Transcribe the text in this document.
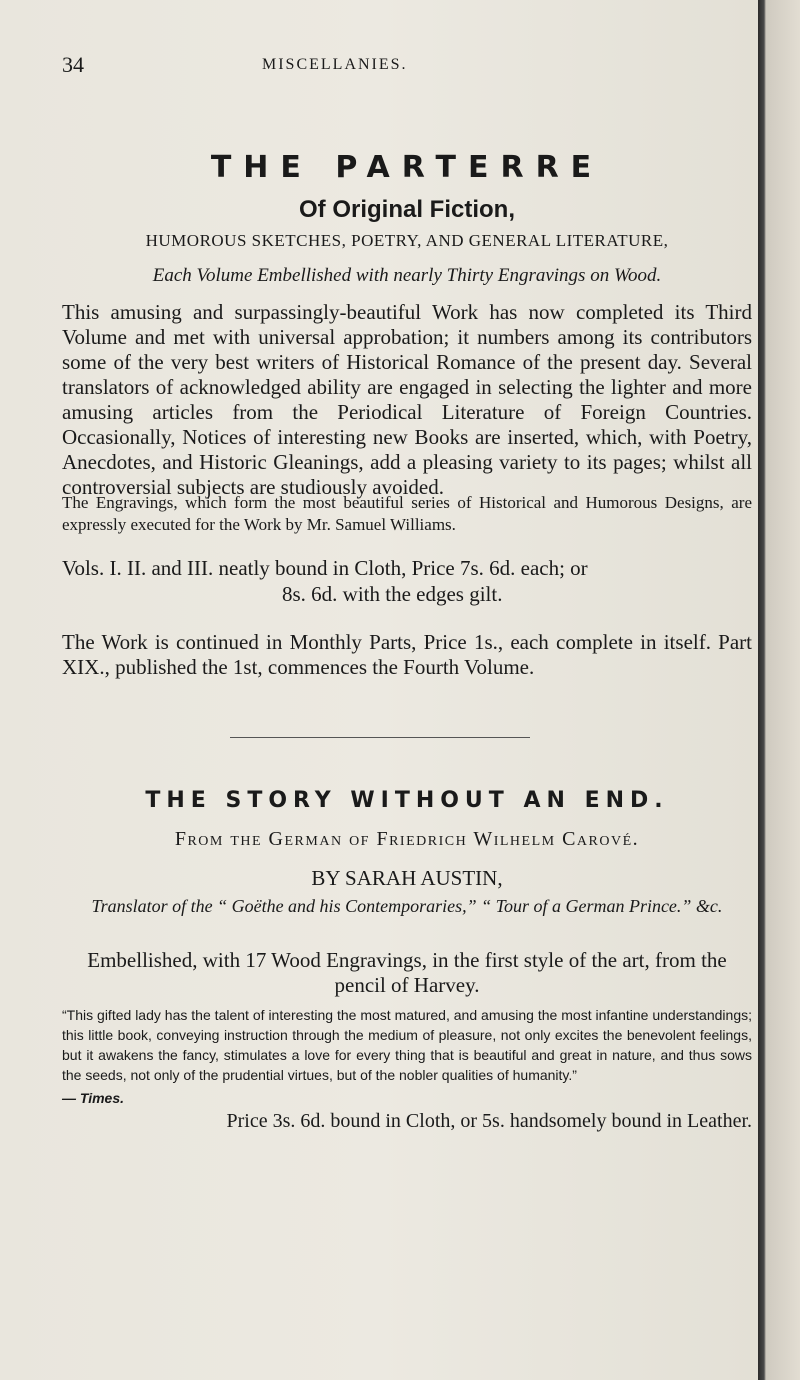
34	MISCELLANIES.
THE PARTERRE
Of Original Fiction,
HUMOROUS SKETCHES, POETRY, AND GENERAL LITERATURE,
Each Volume Embellished with nearly Thirty Engravings on Wood.
This amusing and surpassingly-beautiful Work has now completed its Third Volume and met with universal approbation; it numbers among its contributors some of the very best writers of Historical Romance of the present day. Several translators of acknowledged ability are engaged in selecting the lighter and more amusing articles from the Periodical Literature of Foreign Countries. Occasionally, Notices of interesting new Books are inserted, which, with Poetry, Anecdotes, and Historic Gleanings, add a pleasing variety to its pages; whilst all controversial subjects are studiously avoided.
The Engravings, which form the most beautiful series of Historical and Humorous Designs, are expressly executed for the Work by Mr. Samuel Williams.
Vols. I. II. and III. neatly bound in Cloth, Price 7s. 6d. each; or
8s. 6d. with the edges gilt.
The Work is continued in Monthly Parts, Price 1s., each complete in itself. Part XIX., published the 1st, commences the Fourth Volume.
THE STORY WITHOUT AN END.
From the German of Friedrich Wilhelm Carové.
BY SARAH AUSTIN,
Translator of the “ Goëthe and his Contemporaries,” “ Tour of a German Prince.” &c.
Embellished, with 17 Wood Engravings, in the first style of the art, from the pencil of Harvey.
“This gifted lady has the talent of interesting the most matured, and amusing the most infantine understandings; this little book, conveying instruction through the medium of pleasure, not only excites the benevolent feelings, but it awakens the fancy, stimulates a love for every thing that is beautiful and great in nature, and thus sows the seeds, not only of the prudential virtues, but of the nobler qualities of humanity.”
— Times.
Price 3s. 6d. bound in Cloth, or 5s. handsomely bound in Leather.
